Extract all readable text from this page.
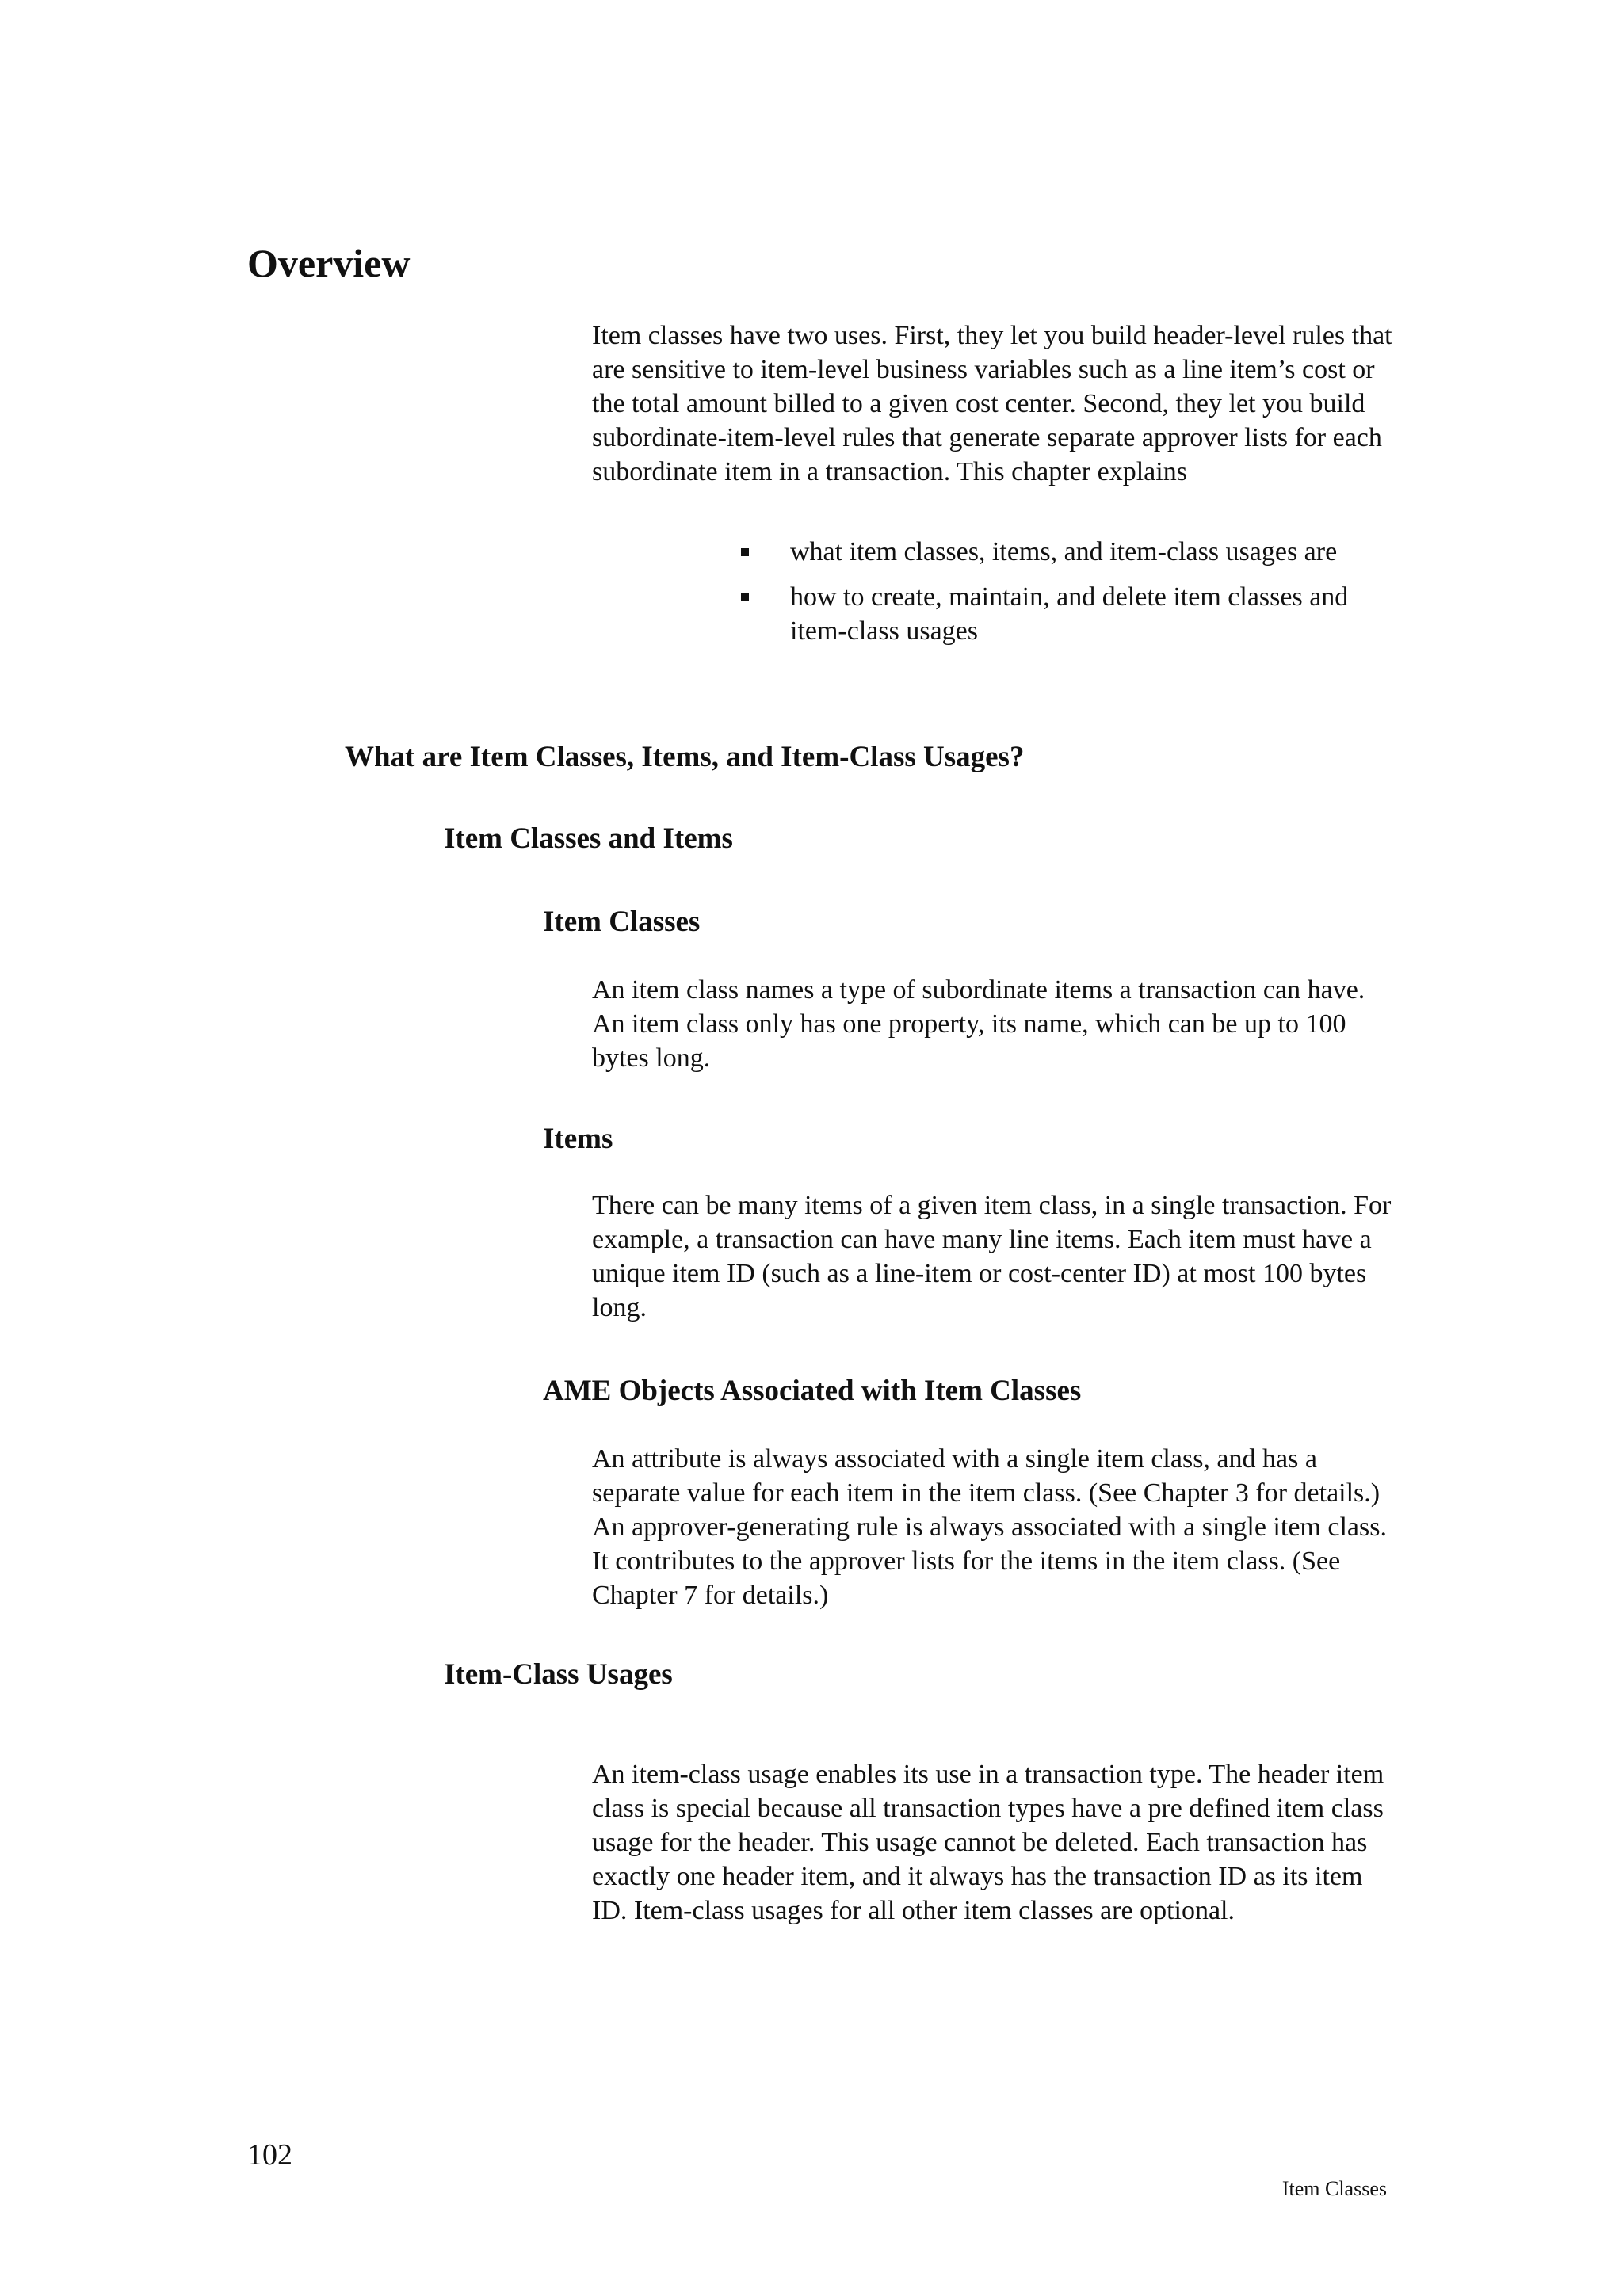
Overview

Item classes have two uses. First, they let you build header-level rules that are sensitive to item-level business variables such as a line item’s cost or the total amount billed to a given cost center. Second, they let you build subordinate-item-level rules that generate separate approver lists for each subordinate item in a transaction. This chapter explains

what item classes, items, and item-class usages are
how to create, maintain, and delete item classes and item-class usages
What are Item Classes, Items, and Item-Class Usages?
Item Classes and Items
Item Classes

An item class names a type of subordinate items a transaction can have. An item class only has one property, its name, which can be up to 100 bytes long.

Items

There can be many items of a given item class, in a single transaction. For example, a transaction can have many line items. Each item must have a unique item ID (such as a line-item or cost-center ID) at most 100 bytes long.

AME Objects Associated with Item Classes

An attribute is always associated with a single item class, and has a separate value for each item in the item class. (See Chapter 3 for details.) An approver-generating rule is always associated with a single item class. It contributes to the approver lists for the items in the item class. (See Chapter 7 for details.)

Item-Class Usages

An item-class usage enables its use in a transaction type. The header item class is special because all transaction types have a pre defined item class usage for the header. This usage cannot be deleted. Each transaction has exactly one header item, and it always has the transaction ID as its item ID. Item-class usages for all other item classes are optional.

102
Item Classes
